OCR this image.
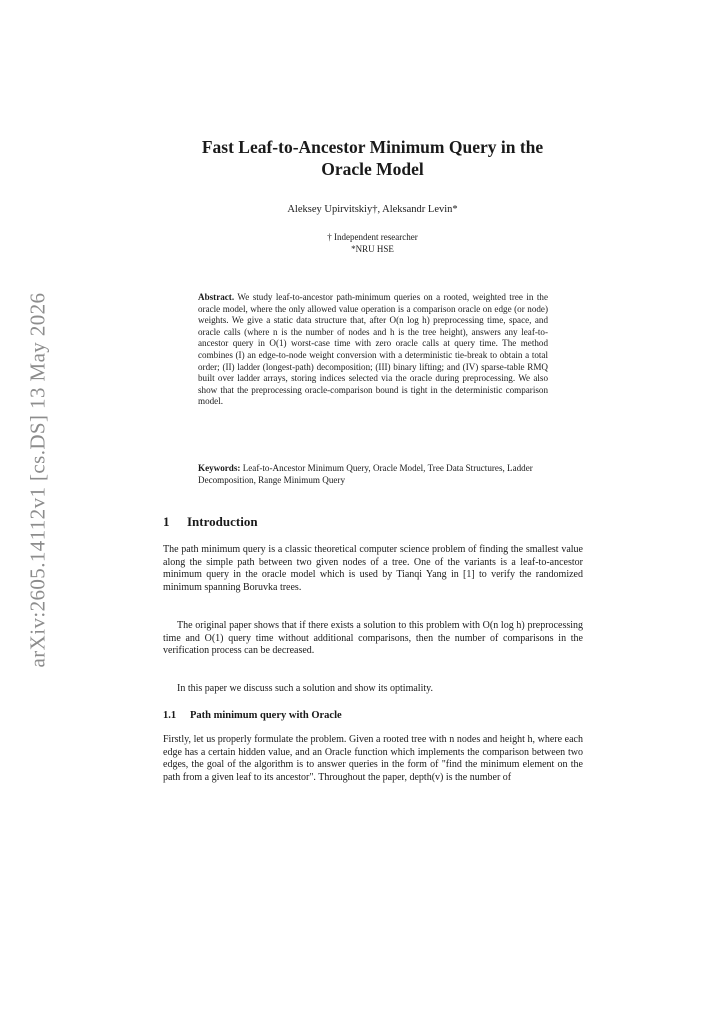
arXiv:2605.14112v1 [cs.DS] 13 May 2026
Fast Leaf-to-Ancestor Minimum Query in the
Oracle Model
Aleksey Upirvitskiy†, Aleksandr Levin*
† Independent researcher
*NRU HSE
Abstract. We study leaf-to-ancestor path-minimum queries on a rooted, weighted tree in the oracle model, where the only allowed value operation is a comparison oracle on edge (or node) weights. We give a static data structure that, after O(n log h) preprocessing time, space, and oracle calls (where n is the number of nodes and h is the tree height), answers any leaf-to-ancestor query in O(1) worst-case time with zero oracle calls at query time. The method combines (I) an edge-to-node weight conversion with a deterministic tie-break to obtain a total order; (II) ladder (longest-path) decomposition; (III) binary lifting; and (IV) sparse-table RMQ built over ladder arrays, storing indices selected via the oracle during preprocessing. We also show that the preprocessing oracle-comparison bound is tight in the deterministic comparison model.
Keywords: Leaf-to-Ancestor Minimum Query, Oracle Model, Tree Data Structures, Ladder Decomposition, Range Minimum Query
1 Introduction

The path minimum query is a classic theoretical computer science problem of finding the smallest value along the simple path between two given nodes of a tree. One of the variants is a leaf-to-ancestor minimum query in the oracle model which is used by Tianqi Yang in [1] to verify the randomized minimum spanning Boruvka trees.

The original paper shows that if there exists a solution to this problem with O(n log h) preprocessing time and O(1) query time without additional comparisons, then the number of comparisons in the verification process can be decreased.

In this paper we discuss such a solution and show its optimality.

1.1 Path minimum query with Oracle

Firstly, let us properly formulate the problem. Given a rooted tree with n nodes and height h, where each edge has a certain hidden value, and an Oracle function which implements the comparison between two edges, the goal of the algorithm is to answer queries in the form of "find the minimum element on the path from a given leaf to its ancestor". Throughout the paper, depth(v) is the number of
